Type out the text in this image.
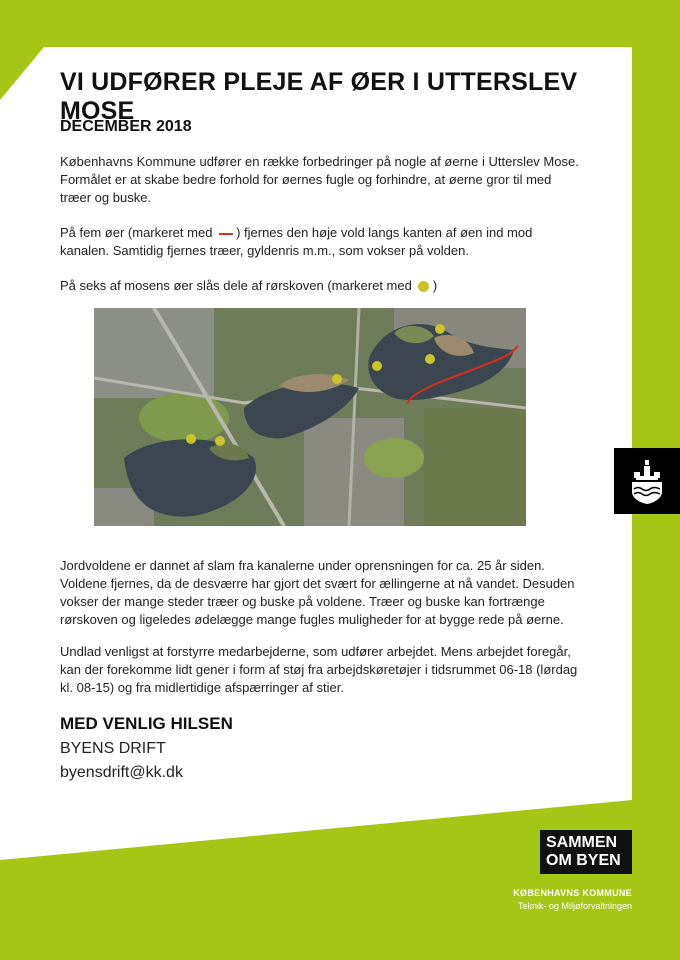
VI UDFØRER PLEJE AF ØER I UTTERSLEV MOSE

DECEMBER 2018

Københavns Kommune udfører en række forbedringer på nogle af øerne i Utterslev Mose. Formålet er at skabe bedre forhold for øernes fugle og forhindre, at øerne gror til med træer og buske.

På fem øer (markeret med ) fjernes den høje vold langs kanten af øen ind mod kanalen. Samtidig fjernes træer, gyldenris m.m., som vokser på volden.

På seks af mosens øer slås dele af rørskoven (markeret med )

Jordvoldene er dannet af slam fra kanalerne under oprensningen for ca. 25 år siden. Voldene fjernes, da de desværre har gjort det svært for ællingerne at nå vandet. Desuden vokser der mange steder træer og buske på voldene. Træer og buske kan fortrænge rørskoven og ligeledes ødelægge mange fugles muligheder for at bygge rede på øerne.

Undlad venligst at forstyrre medarbejderne, som udfører arbejdet. Mens arbejdet foregår, kan der forekomme lidt gener i form af støj fra arbejdskøretøjer i tidsrummet 06-18 (lørdag kl. 08-15) og fra midlertidige afspærringer af stier.

MED VENLIG HILSEN

BYENS DRIFT

byensdrift@kk.dk

SAMMEN
OM BYEN

KØBENHAVNS KOMMUNE

Teknik- og Miljøforvaltningen
